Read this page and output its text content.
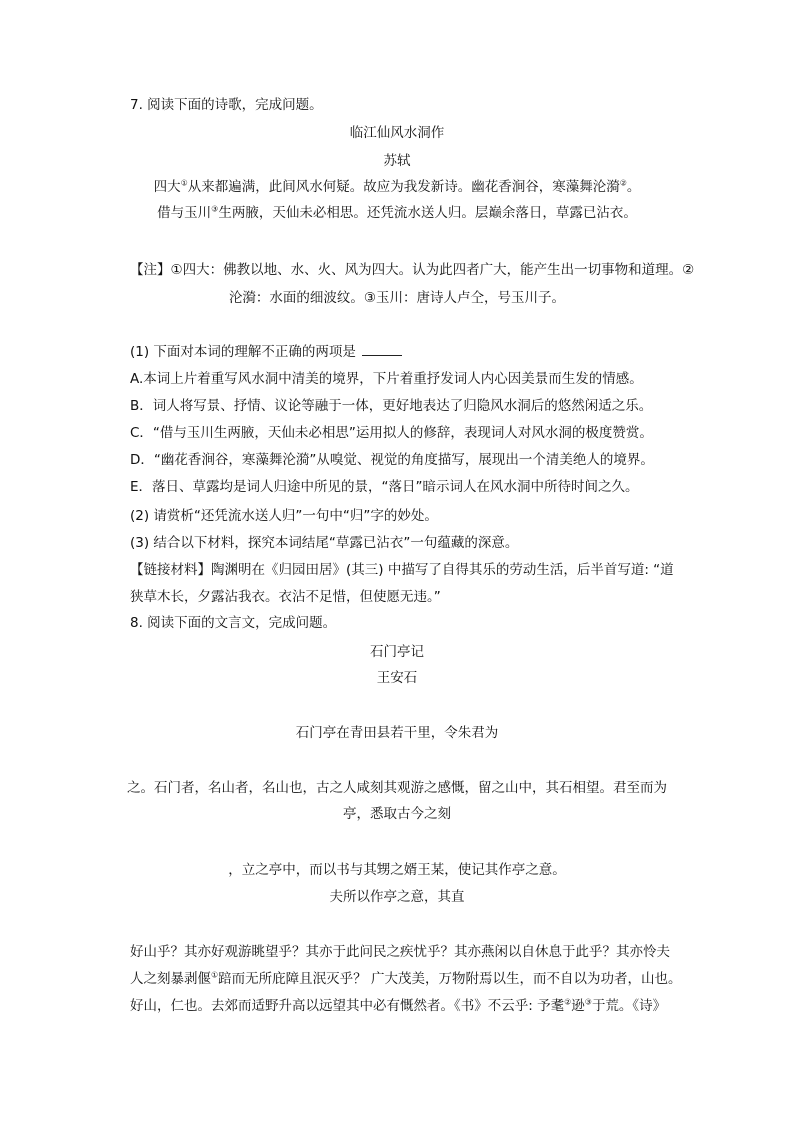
7. 阅读下面的诗歌，完成问题。
临江仙风水洞作
苏轼
四大①从来都遍满，此间风水何疑。故应为我发新诗。幽花香涧谷，寒藻舞沦漪②。
借与玉川③生两腋，天仙未必相思。还凭流水送人归。层巅余落日，草露已沾衣。
【注】①四大：佛教以地、水、火、风为四大。认为此四者广大，能产生出一切事物和道理。②
沦漪：水面的细波纹。③玉川：唐诗人卢仝，号玉川子。
(1) 下面对本词的理解不正确的两项是
A.本词上片着重写风水洞中清美的境界，下片着重抒发词人内心因美景而生发的情感。
B．词人将写景、抒情、议论等融于一体，更好地表达了归隐风水洞后的悠然闲适之乐。
C．“借与玉川生两腋，天仙未必相思”运用拟人的修辞，表现词人对风水洞的极度赞赏。
D．“幽花香涧谷，寒藻舞沦漪”从嗅觉、视觉的角度描写，展现出一个清美绝人的境界。
E．落日、草露均是词人归途中所见的景，“落日”暗示词人在风水洞中所待时间之久。
(2) 请赏析“还凭流水送人归”一句中“归”字的妙处。
(3) 结合以下材料，探究本词结尾“草露已沾衣”一句蕴藏的深意。
【链接材料】陶渊明在《归园田居》(其三) 中描写了自得其乐的劳动生活，后半首写道: “道
狭草木长，夕露沾我衣。衣沾不足惜，但使愿无违。”
8. 阅读下面的文言文，完成问题。
石门亭记
王安石
石门亭在青田县若干里，令朱君为
之。石门者，名山者，名山也，古之人咸刻其观游之感慨，留之山中，其石相望。君至而为
亭，悉取古今之刻
，立之亭中，而以书与其甥之婿王某，使记其作亭之意。
夫所以作亭之意，其直
好山乎？其亦好观游眺望乎？其亦于此问民之疾忧乎？其亦燕闲以自休息于此乎？其亦怜夫
人之刻暴剥偃①踣而无所庇障且泯灭乎？ 广大茂美，万物附焉以生，而不自以为功者，山也。
好山，仁也。去郊而适野升高以远望其中必有慨然者。《书》不云乎: 予耄②逊③于荒。《诗》
